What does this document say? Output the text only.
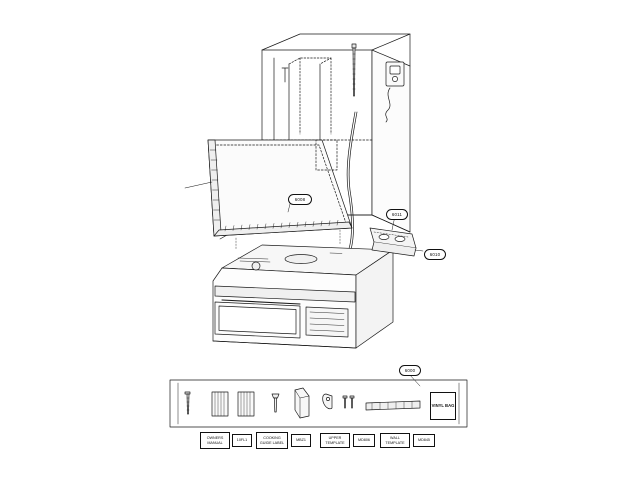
6008
6011
6010
6000
VINYL BAG
OWNERS MANUAL
10FL1
COOKING GUIDE LABEL
MBZ1
UPPER TEMPLATE
MD806
WALL TEMPLATE
MD845
